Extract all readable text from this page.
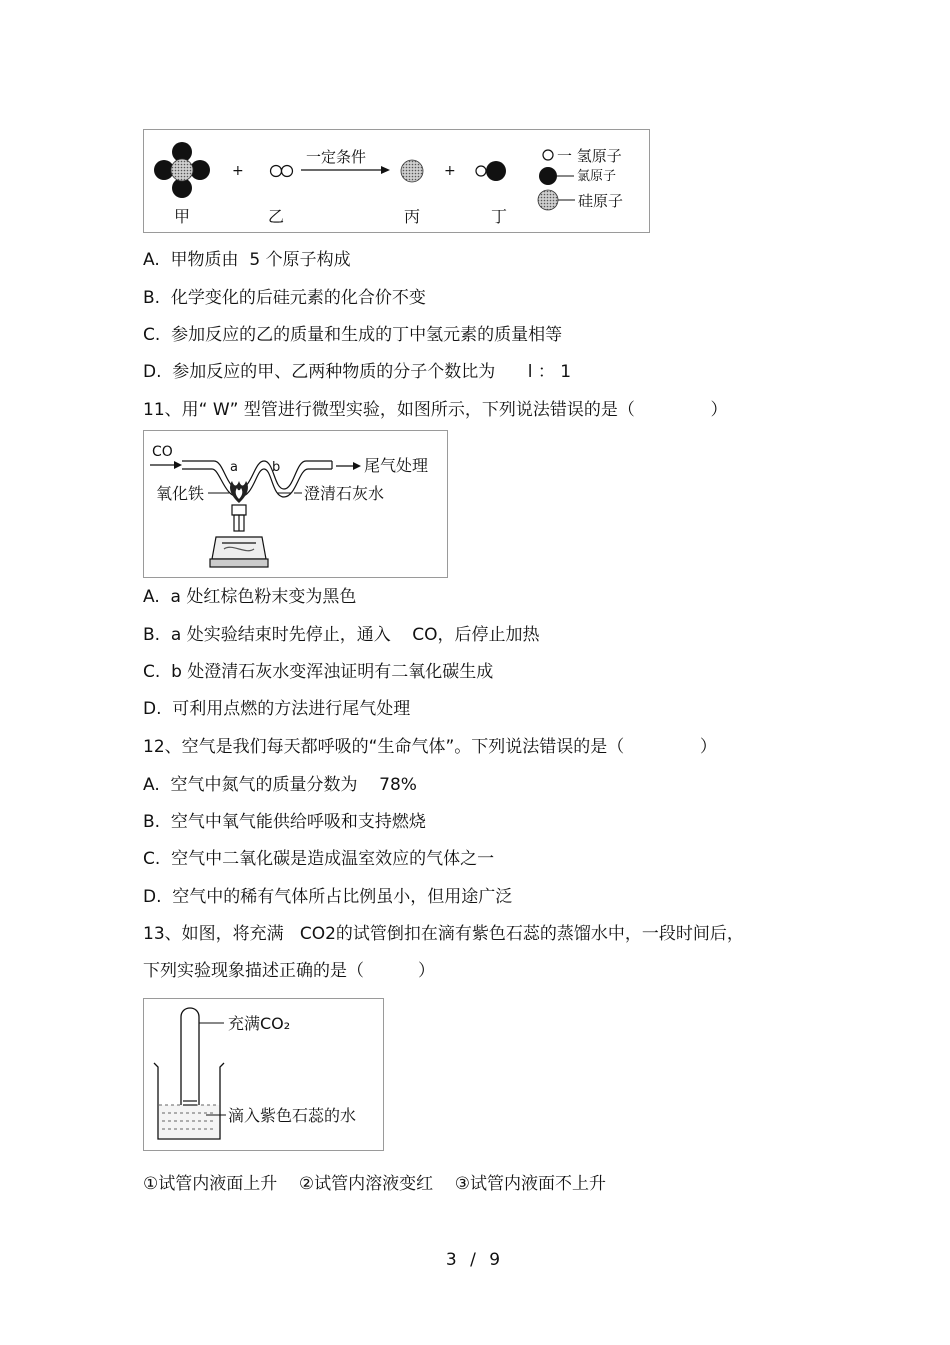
+
一定条件
+
甲	乙	丙	丁
一 氢原子
氯原子
硅原子
A.  甲物质由  5 个原子构成
B.  化学变化的后硅元素的化合价不变
C.  参加反应的乙的质量和生成的丁中氢元素的质量相等
D.  参加反应的甲、乙两种物质的分子个数比为      l ： 1
11、用“ W” 型管进行微型实验，如图所示，下列说法错误的是（              ）
CO
a	b	尾气处理
氧化铁	澄清石灰水
A.  a 处红棕色粉末变为黑色
B.  a 处实验结束时先停止，通入    CO，后停止加热
C.  b 处澄清石灰水变浑浊证明有二氧化碳生成
D.  可利用点燃的方法进行尾气处理
12、空气是我们每天都呼吸的“生命气体”。下列说法错误的是（              ）
A.  空气中氮气的质量分数为    78%
B.  空气中氧气能供给呼吸和支持燃烧
C.  空气中二氧化碳是造成温室效应的气体之一
D.  空气中的稀有气体所占比例虽小，但用途广泛
13、如图，将充满   CO2的试管倒扣在滴有紫色石蕊的蒸馏水中，一段时间后，
下列实验现象描述正确的是（          ）
充满CO₂
滴入紫色石蕊的水
①试管内液面上升    ②试管内溶液变红    ③试管内液面不上升
3 / 9
